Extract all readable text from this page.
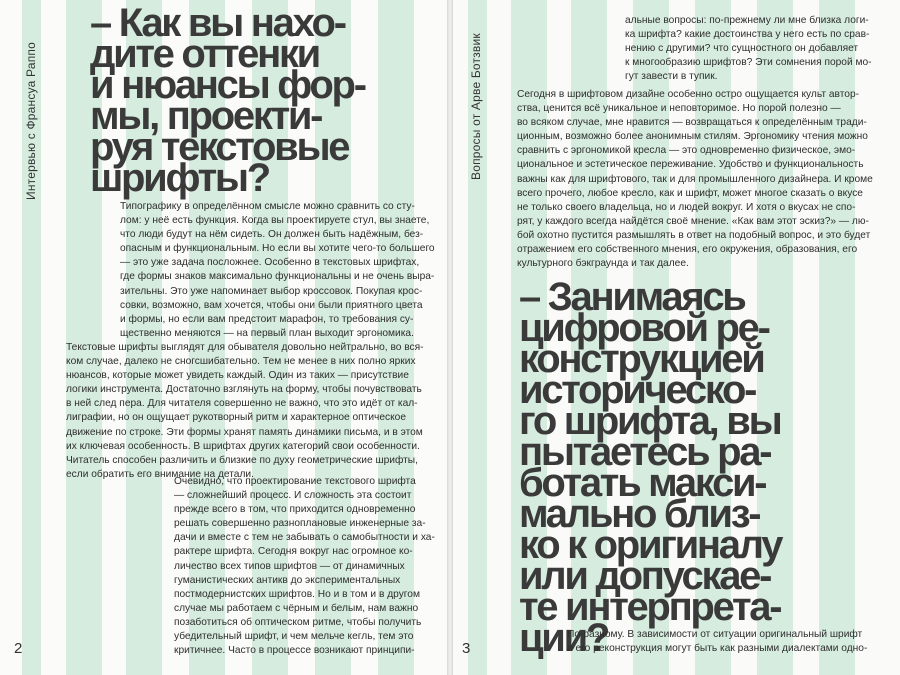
Интервью с Франсуа Раппо
– Как вы нахо-
дите оттенки
и нюансы фор-
мы, проекти-
руя текстовые
шрифты?
Типографику в определённом смысле можно сравнить со сту-
лом: у неё есть функция. Когда вы проектируете стул, вы знаете,
что люди будут на нём сидеть. Он должен быть надёжным, без-
опасным и функциональным. Но если вы хотите чего-то большего
— это уже задача посложнее. Особенно в текстовых шрифтах,
где формы знаков максимально функциональны и не очень выра-
зительны. Это уже напоминает выбор кроссовок. Покупая крос-
совки, возможно, вам хочется, чтобы они были приятного цвета
и формы, но если вам предстоит марафон, то требования су-
щественно меняются — на первый план выходит эргономика.
Текстовые шрифты выглядят для обывателя довольно нейтрально, во вся-
ком случае, далеко не сногсшибательно. Тем не менее в них полно ярких
нюансов, которые может увидеть каждый. Один из таких — присутствие
логики инструмента. Достаточно взглянуть на форму, чтобы почувствовать
в ней след пера. Для читателя совершенно не важно, что это идёт от кал-
лиграфии, но он ощущает рукотворный ритм и характерное оптическое
движение по строке. Эти формы хранят память динамики письма, и в этом
их ключевая особенность. В шрифтах других категорий свои особенности.
Читатель способен различить и близкие по духу геометрические шрифты,
если обратить его внимание на детали.
Очевидно, что проектирование текстового шрифта
— сложнейший процесс. И сложность эта состоит
прежде всего в том, что приходится одновременно
решать совершенно разноплановые инженерные за-
дачи и вместе с тем не забывать о самобытности и ха-
рактере шрифта. Сегодня вокруг нас огромное ко-
личество всех типов шрифтов — от динамичных
гуманистических антикв до экспериментальных
постмодернистских шрифтов. Но и в том и в другом
случае мы работаем с чёрным и белым, нам важно
позаботиться об оптическом ритме, чтобы получить
убедительный шрифт, и чем мельче кегль, тем это
критичнее. Часто в процессе возникают принципи-
2
Вопросы от Арве Ботзвик
альные вопросы: по-прежнему ли мне близка логи-
ка шрифта? какие достоинства у него есть по срав-
нению с другими? что сущностного он добавляет
к многообразию шрифтов? Эти сомнения порой мо-
гут завести в тупик.
Сегодня в шрифтовом дизайне особенно остро ощущается культ автор-
ства, ценится всё уникальное и неповторимое. Но порой полезно —
во всяком случае, мне нравится — возвращаться к определённым тради-
ционным, возможно более анонимным стилям. Эргономику чтения можно
сравнить с эргономикой кресла — это одновременно физическое, эмо-
циональное и эстетическое переживание. Удобство и функциональность
важны как для шрифтового, так и для промышленного дизайнера. И кроме
всего прочего, любое кресло, как и шрифт, может многое сказать о вкусе
не только своего владельца, но и людей вокруг. И хотя о вкусах не спо-
рят, у каждого всегда найдётся своё мнение. «Как вам этот эскиз?» — лю-
бой охотно пустится размышлять в ответ на подобный вопрос, и это будет
отражением его собственного мнения, его окружения, образования, его
культурного бэкграунда и так далее.
– Занимаясь
цифровой ре-
конструкцией
историческо-
го шрифта, вы
пытаетесь ра-
ботать макси-
мально близ-
ко к оригиналу
или допускае-
те интерпрета-
ции?
По-разному. В зависимости от ситуации оригинальный шрифт
и его реконструкция могут быть как разными диалектами одно-
3
